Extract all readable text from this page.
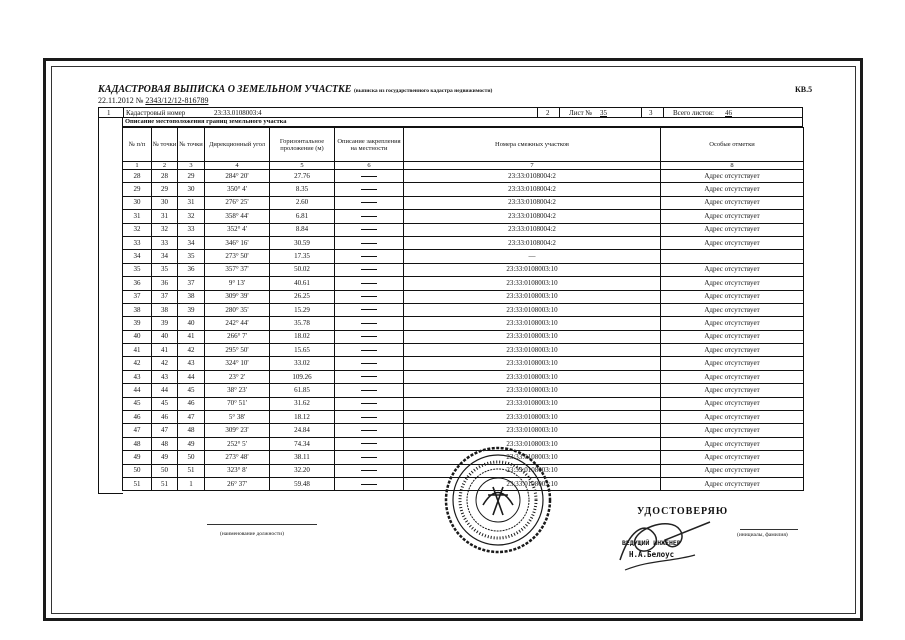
КАДАСТРОВАЯ ВЫПИСКА О ЗЕМЕЛЬНОМ УЧАСТКЕ (выписка из государственного кадастра недвижимости)	КВ.5
22.11.2012 № 2343/12/12-816789
1 Кадастровый номер	23:33.0108003:4	2	Лист № 35	3	Всего листов: 46
Описание местоположения границ земельного участка
№ п/п	№ точки	№ точки	Дирекционный угол	Горизонтальное проложение (м)	Описание закрепления на местности	Номера смежных участков	Особые отметки
1	2	3	4	5	6	7	8
28	28	29	284° 20'	27.76		23:33:0108004:2	Адрес отсутствует
29	29	30	350° 4'	8.35		23:33:0108004:2	Адрес отсутствует
30	30	31	276° 25'	2.60		23:33:0108004:2	Адрес отсутствует
31	31	32	358° 44'	6.81		23:33:0108004:2	Адрес отсутствует
32	32	33	352° 4'	8.84		23:33:0108004:2	Адрес отсутствует
33	33	34	346° 16'	30.59		23:33:0108004:2	Адрес отсутствует
34	34	35	273° 50'	17.35		—	
35	35	36	357° 37'	50.02		23:33:0108003:10	Адрес отсутствует
36	36	37	9° 13'	40.61		23:33:0108003:10	Адрес отсутствует
37	37	38	309° 39'	26.25		23:33:0108003:10	Адрес отсутствует
38	38	39	280° 35'	15.29		23:33:0108003:10	Адрес отсутствует
39	39	40	242° 44'	35.78		23:33:0108003:10	Адрес отсутствует
40	40	41	266° 7'	18.02		23:33:0108003:10	Адрес отсутствует
41	41	42	295° 50'	15.65		23:33:0108003:10	Адрес отсутствует
42	42	43	324° 10'	33.02		23:33:0108003:10	Адрес отсутствует
43	43	44	23° 2'	109.26		23:33:0108003:10	Адрес отсутствует
44	44	45	38° 23'	61.85		23:33:0108003:10	Адрес отсутствует
45	45	46	70° 51'	31.62		23:33:0108003:10	Адрес отсутствует
46	46	47	5° 38'	18.12		23:33:0108003:10	Адрес отсутствует
47	47	48	309° 23'	24.84		23:33:0108003:10	Адрес отсутствует
48	48	49	252° 5'	74.34		23:33:0108003:10	Адрес отсутствует
49	49	50	273° 48'	38.11		23:33:0108003:10	Адрес отсутствует
50	50	51	323° 8'	32.20		23:33:0108003:10	Адрес отсутствует
51	51	1	26° 37'	59.48		23:33:0108003:10	Адрес отсутствует
(наименование должности)
УДОСТОВЕРЯЮ
(инициалы, фамилия)
ВЕДУЩИЙ ИНЖЕНЕР
Н.А.Белоус
